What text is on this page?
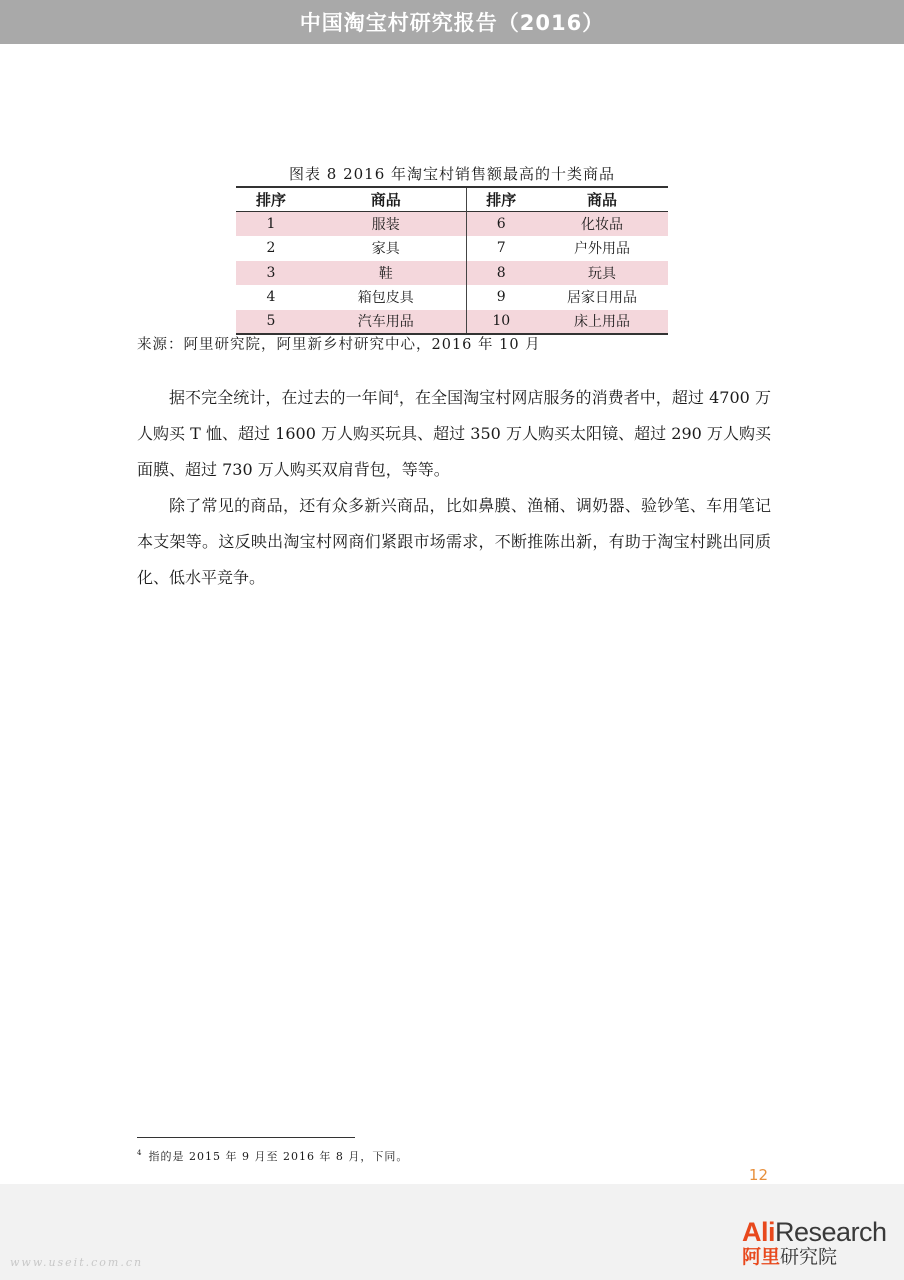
中国淘宝村研究报告（2016）
图表 8 2016 年淘宝村销售额最高的十类商品
排序	商品	排序	商品
1	服装	6	化妆品
2	家具	7	户外用品
3	鞋	8	玩具
4	箱包皮具	9	居家日用品
5	汽车用品	10	床上用品
来源：阿里研究院，阿里新乡村研究中心，2016 年 10 月

据不完全统计，在过去的一年间$^4$，在全国淘宝村网店服务的消费者中，超过 4700 万人购买 T 恤、超过 1600 万人购买玩具、超过 350 万人购买太阳镜、超过 290 万人购买面膜、超过 730 万人购买双肩背包，等等。

除了常见的商品，还有众多新兴商品，比如鼻膜、渔桶、调奶器、验钞笔、车用笔记本支架等。这反映出淘宝村网商们紧跟市场需求，不断推陈出新，有助于淘宝村跳出同质化、低水平竞争。

$^4$ 指的是 2015 年 9 月至 2016 年 8 月，下同。
12
www.useit.com.cn
AliResearch
阿里研究院
